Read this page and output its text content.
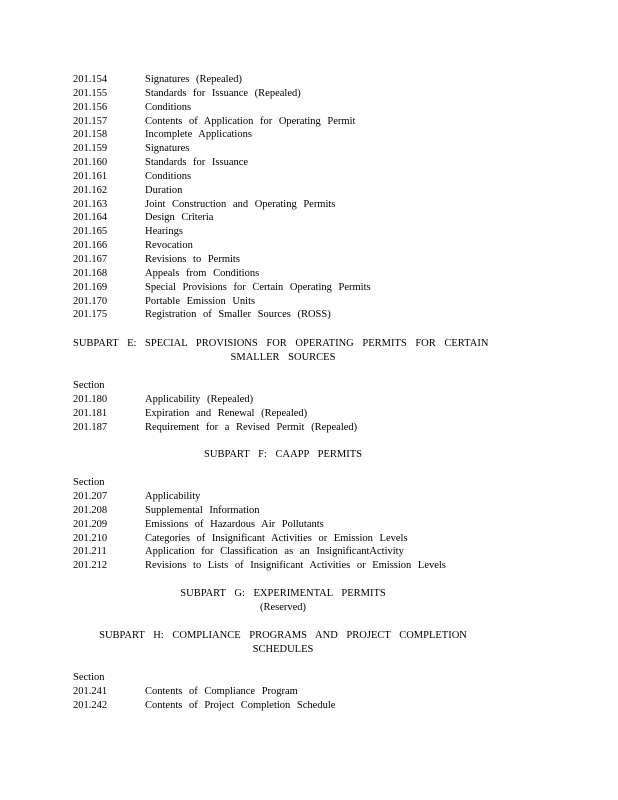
201.154	Signatures (Repealed)
201.155	Standards for Issuance (Repealed)
201.156	Conditions
201.157	Contents of Application for Operating Permit
201.158	Incomplete Applications
201.159	Signatures
201.160	Standards for Issuance
201.161	Conditions
201.162	Duration
201.163	Joint Construction and Operating Permits
201.164	Design Criteria
201.165	Hearings
201.166	Revocation
201.167	Revisions to Permits
201.168	Appeals from Conditions
201.169	Special Provisions for Certain Operating Permits
201.170	Portable Emission Units
201.175	Registration of Smaller Sources (ROSS)
SUBPART E: SPECIAL PROVISIONS FOR OPERATING PERMITS FOR CERTAIN
SMALLER SOURCES
Section
201.180	Applicability (Repealed)
201.181	Expiration and Renewal (Repealed)
201.187	Requirement for a Revised Permit (Repealed)
SUBPART F: CAAPP PERMITS
Section
201.207	Applicability
201.208	Supplemental Information
201.209	Emissions of Hazardous Air Pollutants
201.210	Categories of Insignificant Activities or Emission Levels
201.211	Application for Classification as an InsignificantActivity
201.212	Revisions to Lists of Insignificant Activities or Emission Levels
SUBPART G: EXPERIMENTAL PERMITS
(Reserved)
SUBPART H: COMPLIANCE PROGRAMS AND PROJECT COMPLETION
SCHEDULES
Section
201.241	Contents of Compliance Program
201.242	Contents of Project Completion Schedule
